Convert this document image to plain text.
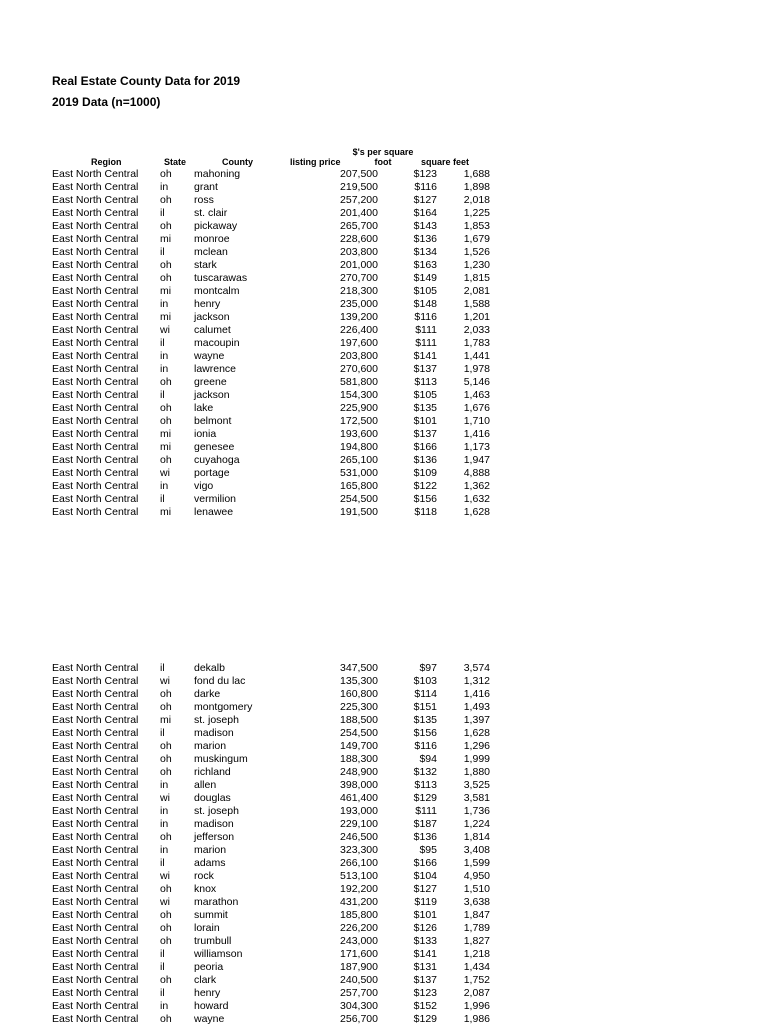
Real Estate County Data for 2019
2019 Data (n=1000)
Region	State	County	listing price
$'s per square
foot	square feet
East North Central	oh	mahoning	207,500	$123	1,688
East North Central	in	grant	219,500	$116	1,898
East North Central	oh	ross	257,200	$127	2,018
East North Central	il	st. clair	201,400	$164	1,225
East North Central	oh	pickaway	265,700	$143	1,853
East North Central	mi	monroe	228,600	$136	1,679
East North Central	il	mclean	203,800	$134	1,526
East North Central	oh	stark	201,000	$163	1,230
East North Central	oh	tuscarawas	270,700	$149	1,815
East North Central	mi	montcalm	218,300	$105	2,081
East North Central	in	henry	235,000	$148	1,588
East North Central	mi	jackson	139,200	$116	1,201
East North Central	wi	calumet	226,400	$111	2,033
East North Central	il	macoupin	197,600	$111	1,783
East North Central	in	wayne	203,800	$141	1,441
East North Central	in	lawrence	270,600	$137	1,978
East North Central	oh	greene	581,800	$113	5,146
East North Central	il	jackson	154,300	$105	1,463
East North Central	oh	lake	225,900	$135	1,676
East North Central	oh	belmont	172,500	$101	1,710
East North Central	mi	ionia	193,600	$137	1,416
East North Central	mi	genesee	194,800	$166	1,173
East North Central	oh	cuyahoga	265,100	$136	1,947
East North Central	wi	portage	531,000	$109	4,888
East North Central	in	vigo	165,800	$122	1,362
East North Central	il	vermilion	254,500	$156	1,632
East North Central	mi	lenawee	191,500	$118	1,628
East North Central	il	dekalb	347,500	$97	3,574
East North Central	wi	fond du lac	135,300	$103	1,312
East North Central	oh	darke	160,800	$114	1,416
East North Central	oh	montgomery	225,300	$151	1,493
East North Central	mi	st. joseph	188,500	$135	1,397
East North Central	il	madison	254,500	$156	1,628
East North Central	oh	marion	149,700	$116	1,296
East North Central	oh	muskingum	188,300	$94	1,999
East North Central	oh	richland	248,900	$132	1,880
East North Central	in	allen	398,000	$113	3,525
East North Central	wi	douglas	461,400	$129	3,581
East North Central	in	st. joseph	193,000	$111	1,736
East North Central	in	madison	229,100	$187	1,224
East North Central	oh	jefferson	246,500	$136	1,814
East North Central	in	marion	323,300	$95	3,408
East North Central	il	adams	266,100	$166	1,599
East North Central	wi	rock	513,100	$104	4,950
East North Central	oh	knox	192,200	$127	1,510
East North Central	wi	marathon	431,200	$119	3,638
East North Central	oh	summit	185,800	$101	1,847
East North Central	oh	lorain	226,200	$126	1,789
East North Central	oh	trumbull	243,000	$133	1,827
East North Central	il	williamson	171,600	$141	1,218
East North Central	il	peoria	187,900	$131	1,434
East North Central	oh	clark	240,500	$137	1,752
East North Central	il	henry	257,700	$123	2,087
East North Central	in	howard	304,300	$152	1,996
East North Central	oh	wayne	256,700	$129	1,986
